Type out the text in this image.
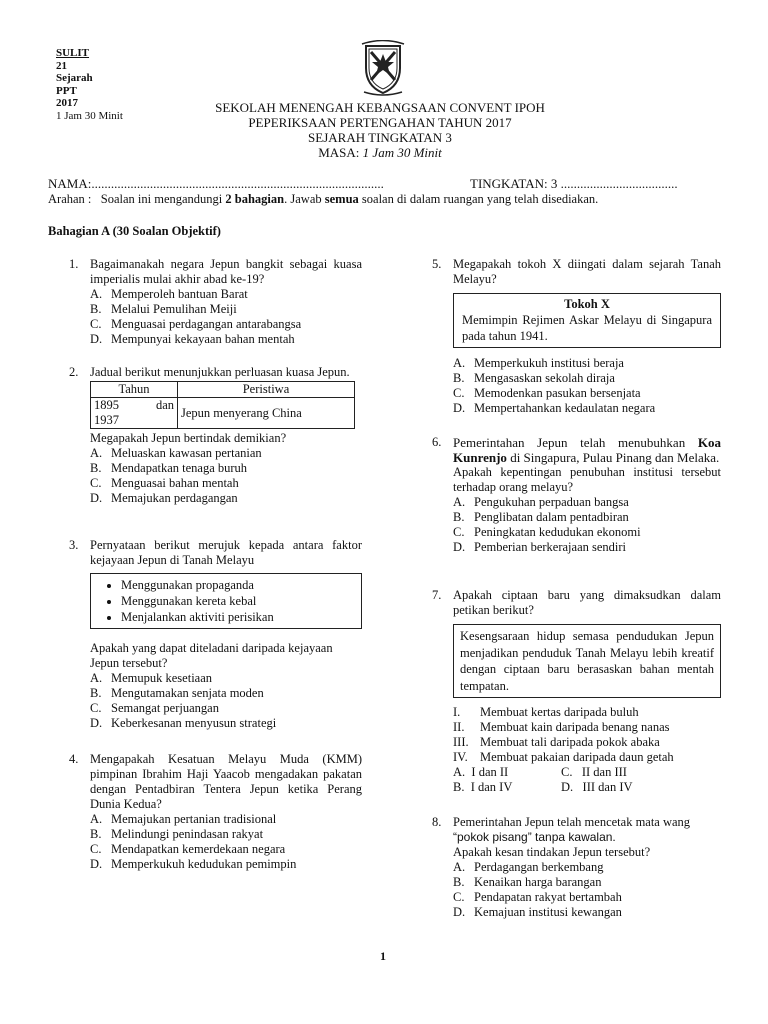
SULIT
21
Sejarah
PPT
2017
1 Jam 30 Minit
SEKOLAH MENENGAH KEBANGSAAN CONVENT IPOH
PEPERIKSAAN PERTENGAHAN TAHUN 2017
SEJARAH TINGKATAN 3
MASA: 1 Jam 30 Minit
NAMA:..........................................................................................	TINGKATAN: 3 ....................................
Arahan : Soalan ini mengandungi 2 bahagian. Jawab semua soalan di dalam ruangan yang telah disediakan.
Bahagian A (30 Soalan Objektif)
1. Bagaimanakah negara Jepun bangkit sebagai kuasa imperialis mulai akhir abad ke-19?
A. Memperoleh bantuan Barat
B. Melalui Pemulihan Meiji
C. Menguasai perdagangan antarabangsa
D. Mempunyai kekayaan bahan mentah
2. Jadual berikut menunjukkan perluasan kuasa Jepun.
Tahun	Peristiwa

1895 dan
1937	Jepun menyerang China
Megapakah Jepun bertindak demikian?
A. Meluaskan kawasan pertanian
B. Mendapatkan tenaga buruh
C. Menguasai bahan mentah
D. Memajukan perdagangan
3. Pernyataan berikut merujuk kepada antara faktor kejayaan Jepun di Tanah Melayu
• Menggunakan propaganda
• Menggunakan kereta kebal
• Menjalankan aktiviti perisikan
Apakah yang dapat diteladani daripada kejayaan Jepun tersebut?
A. Memupuk kesetiaan
B. Mengutamakan senjata moden
C. Semangat perjuangan
D. Keberkesanan menyusun strategi
4. Mengapakah Kesatuan Melayu Muda (KMM) pimpinan Ibrahim Haji Yaacob mengadakan pakatan dengan Pentadbiran Tentera Jepun ketika Perang Dunia Kedua?
A. Memajukan pertanian tradisional
B. Melindungi penindasan rakyat
C. Mendapatkan kemerdekaan negara
D. Memperkukuh kedudukan pemimpin
5. Megapakah tokoh X diingati dalam sejarah Tanah Melayu?
Tokoh X
Memimpin Rejimen Askar Melayu di Singapura pada tahun 1941.
A. Memperkukuh institusi beraja
B. Mengasaskan sekolah diraja
C. Memodenkan pasukan bersenjata
D. Mempertahankan kedaulatan negara
6. Pemerintahan Jepun telah menubuhkan Koa Kunrenjo di Singapura, Pulau Pinang dan Melaka.
Apakah kepentingan penubuhan institusi tersebut terhadap orang melayu?
A. Pengukuhan perpaduan bangsa
B. Penglibatan dalam pentadbiran
C. Peningkatan kedudukan ekonomi
D. Pemberian berkerajaan sendiri
7. Apakah ciptaan baru yang dimaksudkan dalam petikan berikut?
Kesengsaraan hidup semasa pendudukan Jepun menjadikan penduduk Tanah Melayu lebih kreatif dengan ciptaan baru berasaskan bahan mentah tempatan.
I.	Membuat kertas daripada buluh
II.	Membuat kain daripada benang nanas
III. Membuat tali daripada pokok abaka
IV. Membuat pakaian daripada daun getah
A. I dan II	C. II dan III
B. I dan IV	D. III dan IV
8. Pemerintahan Jepun telah mencetak mata wang
“pokok pisang” tanpa kawalan.
Apakah kesan tindakan Jepun tersebut?
A. Perdagangan berkembang
B. Kenaikan harga barangan
C. Pendapatan rakyat bertambah
D. Kemajuan institusi kewangan
1
